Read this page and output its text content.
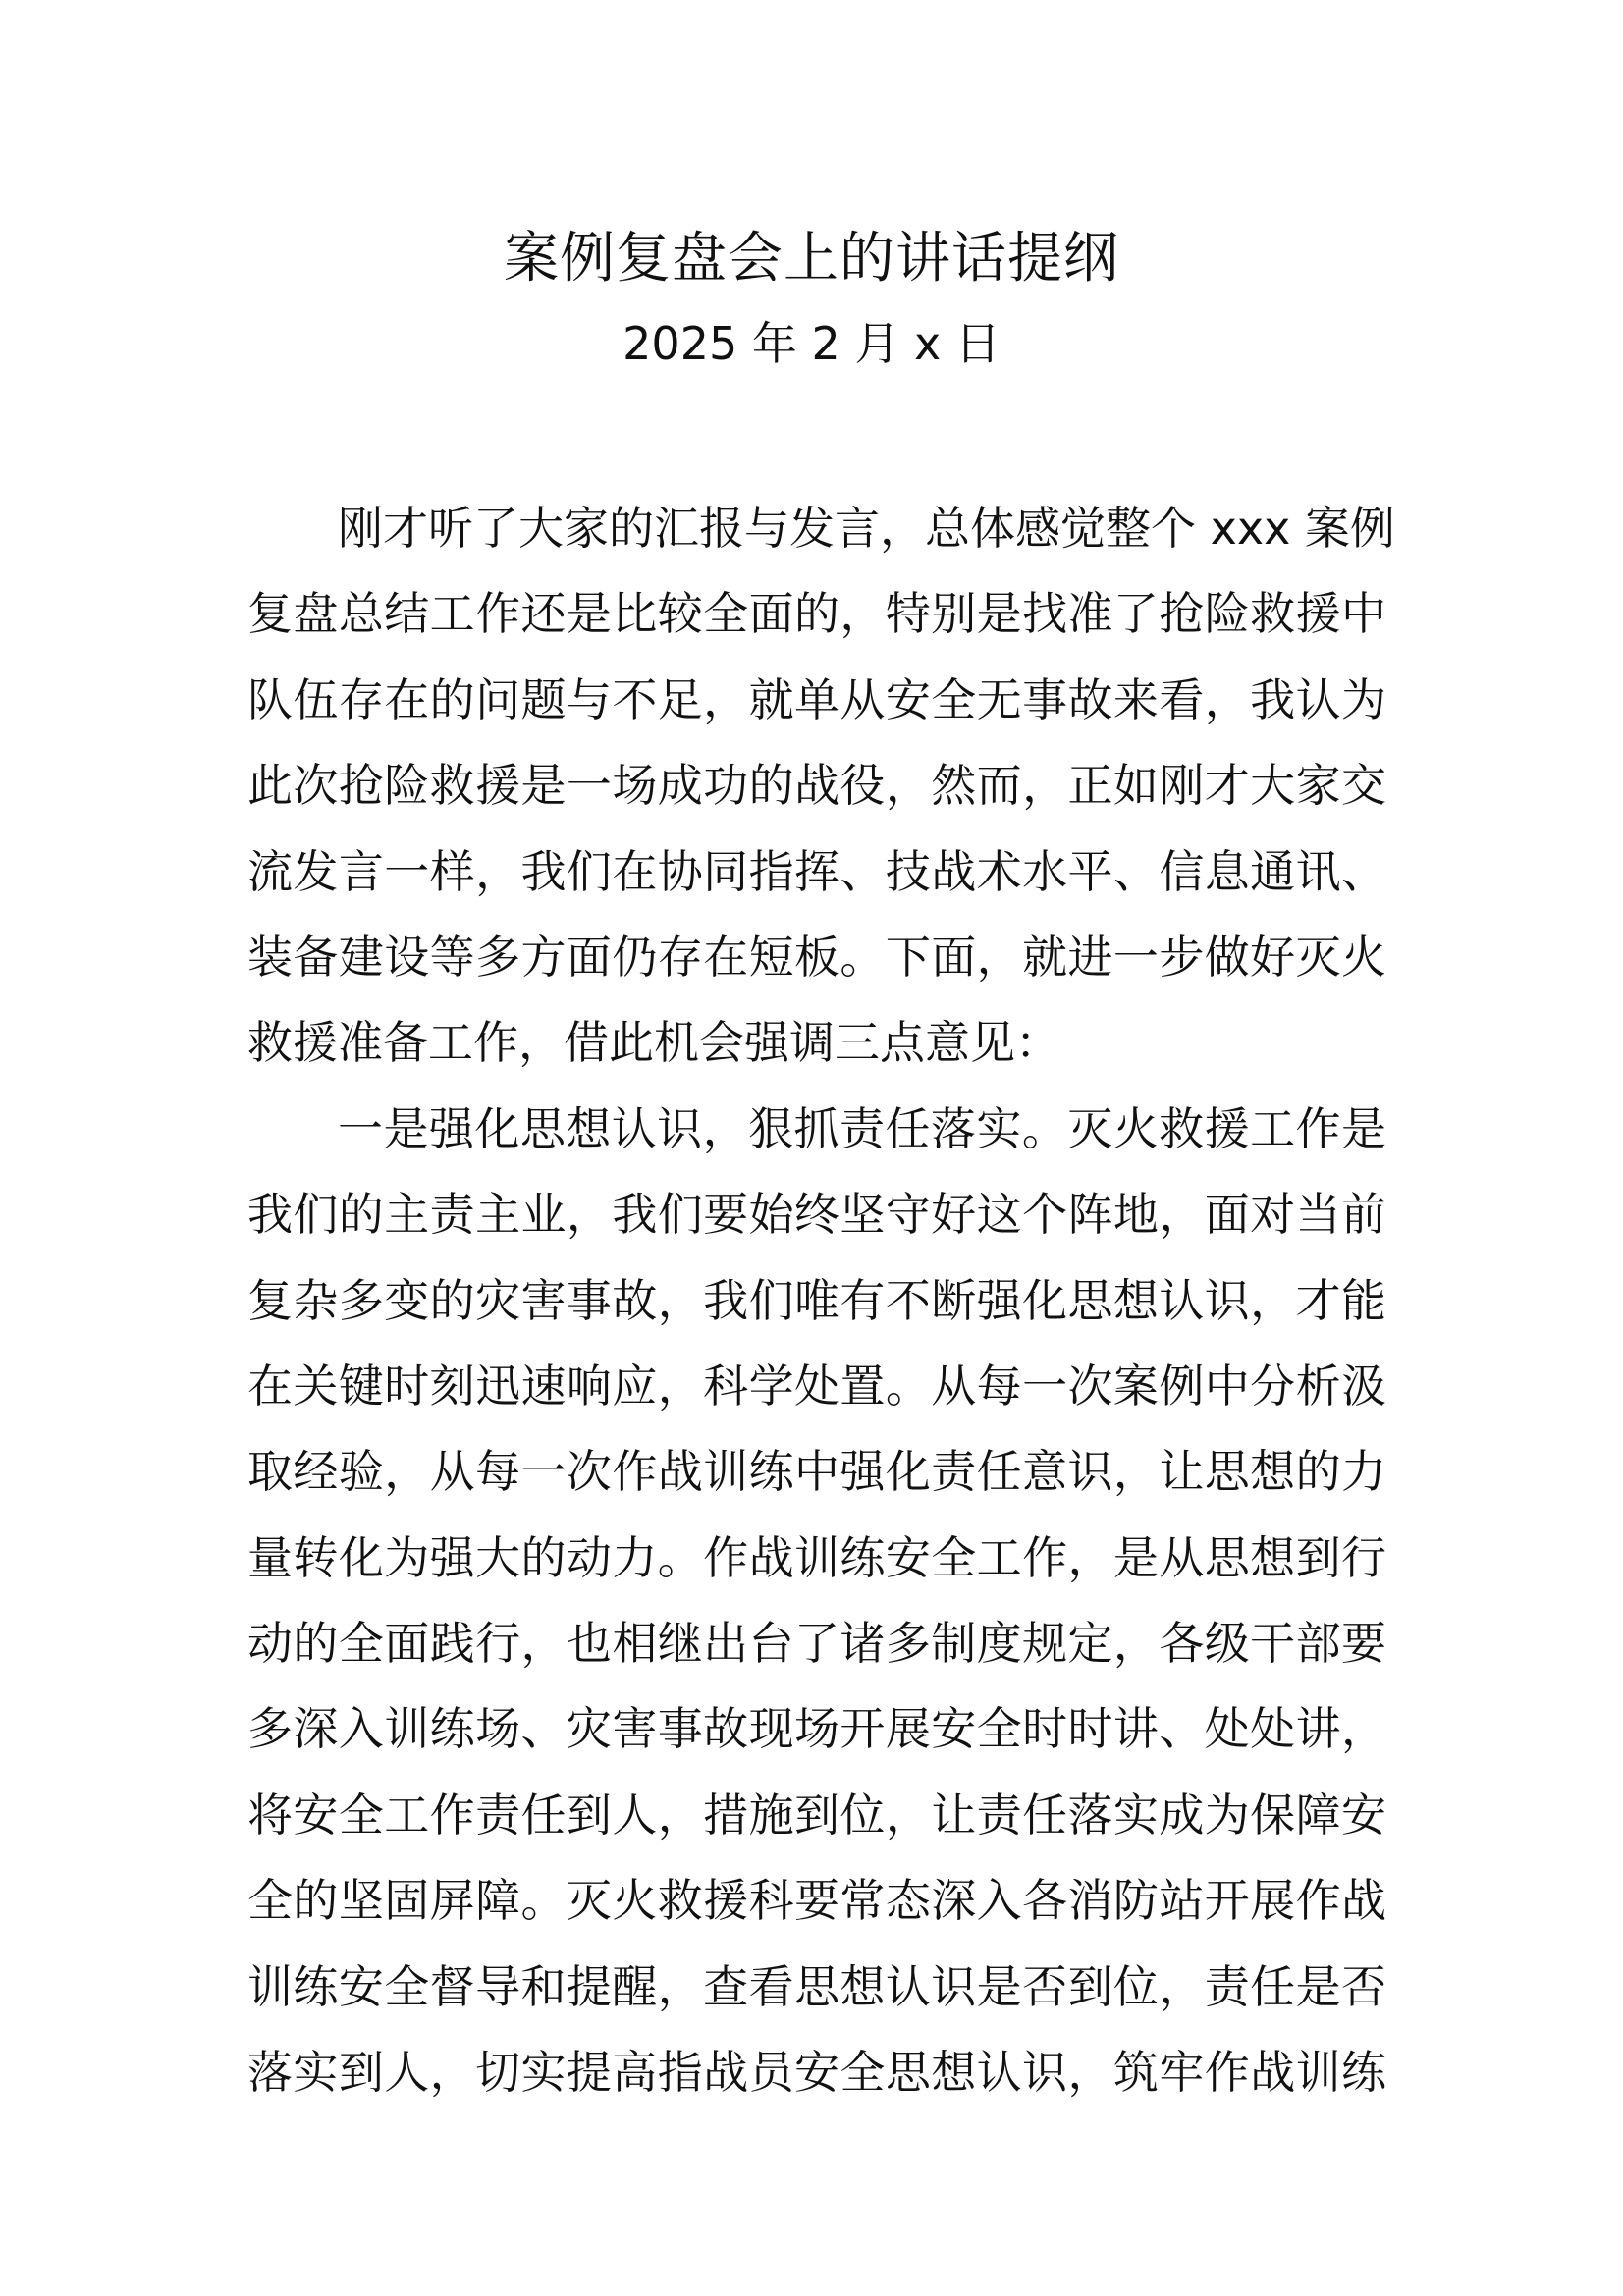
案例复盘会上的讲话提纲
2025 年 2 月 x 日
刚才听了大家的汇报与发言，总体感觉整个 xxx 案例
复盘总结工作还是比较全面的，特别是找准了抢险救援中
队伍存在的问题与不足，就单从安全无事故来看，我认为
此次抢险救援是一场成功的战役，然而，正如刚才大家交
流发言一样，我们在协同指挥、技战术水平、信息通讯、
装备建设等多方面仍存在短板。下面，就进一步做好灭火
救援准备工作，借此机会强调三点意见：
一是强化思想认识，狠抓责任落实。灭火救援工作是
我们的主责主业，我们要始终坚守好这个阵地，面对当前
复杂多变的灾害事故，我们唯有不断强化思想认识，才能
在关键时刻迅速响应，科学处置。从每一次案例中分析汲
取经验，从每一次作战训练中强化责任意识，让思想的力
量转化为强大的动力。作战训练安全工作，是从思想到行
动的全面践行，也相继出台了诸多制度规定，各级干部要
多深入训练场、灾害事故现场开展安全时时讲、处处讲，
将安全工作责任到人，措施到位，让责任落实成为保障安
全的坚固屏障。灭火救援科要常态深入各消防站开展作战
训练安全督导和提醒，查看思想认识是否到位，责任是否
落实到人，切实提高指战员安全思想认识，筑牢作战训练
